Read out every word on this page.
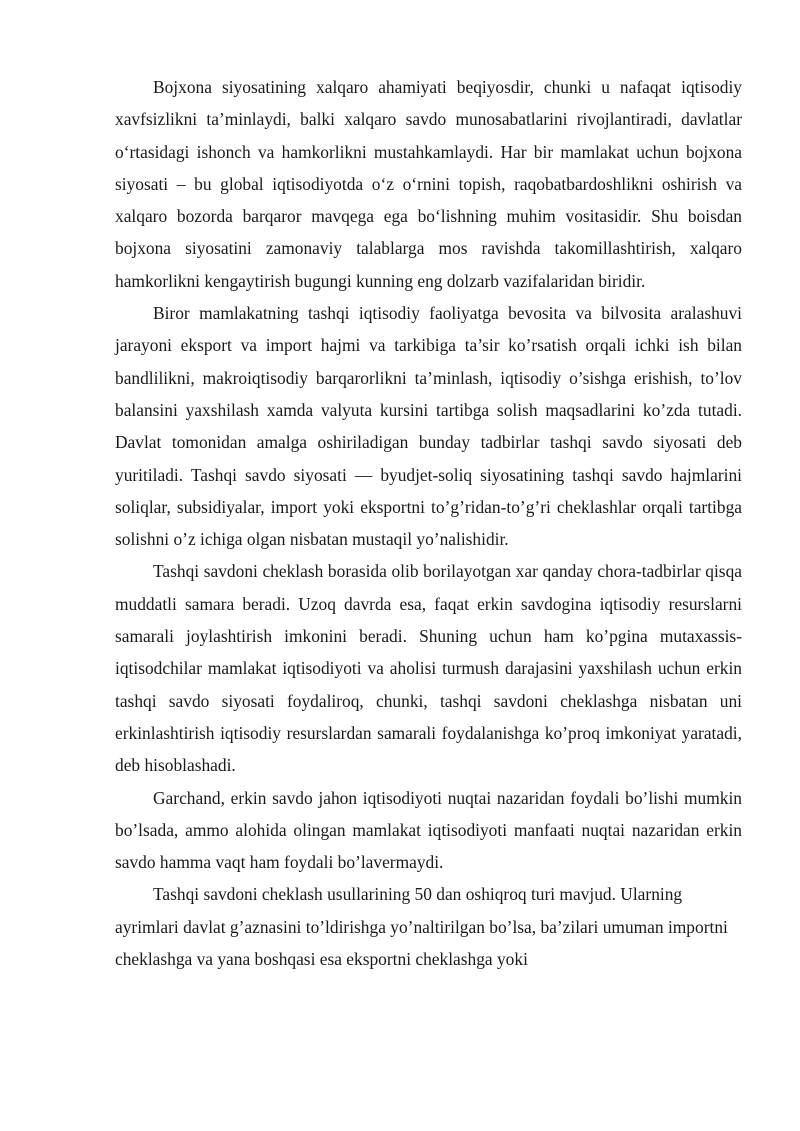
Bojxona siyosatining xalqaro ahamiyati beqiyosdir, chunki u nafaqat iqtisodiy xavfsizlikni ta’minlaydi, balki xalqaro savdo munosabatlarini rivojlantiradi, davlatlar oʻrtasidagi ishonch va hamkorlikni mustahkamlaydi. Har bir mamlakat uchun bojxona siyosati – bu global iqtisodiyotda oʻz oʻrnini topish, raqobatbardoshlikni oshirish va xalqaro bozorda barqaror mavqega ega boʻlishning muhim vositasidir. Shu boisdan bojxona siyosatini zamonaviy talablarga mos ravishda takomillashtirish, xalqaro hamkorlikni kengaytirish bugungi kunning eng dolzarb vazifalaridan biridir.

Biror mamlakatning tashqi iqtisodiy faoliyatga bevosita va bilvosita aralashuvi jarayoni eksport va import hajmi va tarkibiga ta’sir ko’rsatish orqali ichki ish bilan bandlilikni, makroiqtisodiy barqarorlikni ta’minlash, iqtisodiy o’sishga erishish, to’lov balansini yaxshilash xamda valyuta kursini tartibga solish maqsadlarini ko’zda tutadi. Davlat tomonidan amalga oshiriladigan bunday tadbirlar tashqi savdo siyosati deb yuritiladi. Tashqi savdo siyosati — byudjet-soliq siyosatining tashqi savdo hajmlarini soliqlar, subsidiyalar, import yoki eksportni to’g’ridan-to’g’ri cheklashlar orqali tartibga solishni o’z ichiga olgan nisbatan mustaqil yo’nalishidir.

Tashqi savdoni cheklash borasida olib borilayotgan xar qanday chora-tadbirlar qisqa muddatli samara beradi. Uzoq davrda esa, faqat erkin savdogina iqtisodiy resurslarni samarali joylashtirish imkonini beradi. Shuning uchun ham ko’pgina mutaxassis-iqtisodchilar mamlakat iqtisodiyoti va aholisi turmush darajasini yaxshilash uchun erkin tashqi savdo siyosati foydaliroq, chunki, tashqi savdoni cheklashga nisbatan uni erkinlashtirish iqtisodiy resurslardan samarali foydalanishga ko’proq imkoniyat yaratadi, deb hisoblashadi.

Garchand, erkin savdo jahon iqtisodiyoti nuqtai nazaridan foydali bo’lishi mumkin bo’lsada, ammo alohida olingan mamlakat iqtisodiyoti manfaati nuqtai nazaridan erkin savdo hamma vaqt ham foydali bo’lavermaydi.

Tashqi savdoni cheklash usullarining 50 dan oshiqroq turi mavjud. Ularning ayrimlari davlat g’aznasini to’ldirishga yo’naltirilgan bo’lsa, ba’zilari umuman importni cheklashga va yana boshqasi esa eksportni cheklashga yoki
